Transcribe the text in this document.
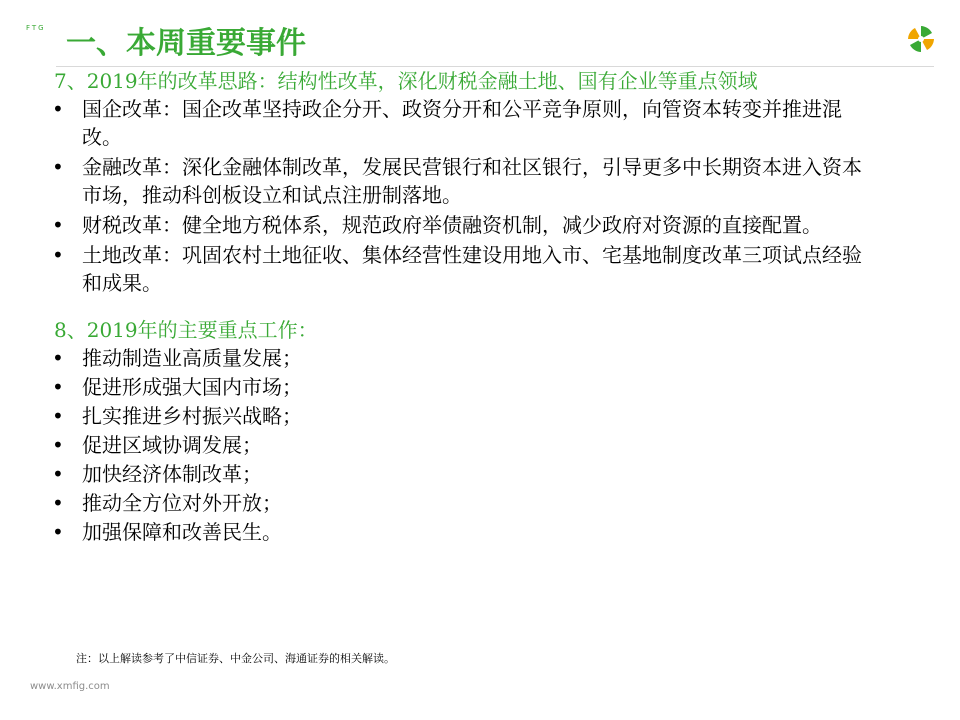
FTG 一、本周重要事件

7、2019年的改革思路：结构性改革，深化财税金融土地、国有企业等重点领域

• 国企改革：国企改革坚持政企分开、政资分开和公平竞争原则，向管资本转变并推进混改。
• 金融改革：深化金融体制改革，发展民营银行和社区银行，引导更多中长期资本进入资本市场，推动科创板设立和试点注册制落地。
• 财税改革：健全地方税体系，规范政府举债融资机制，减少政府对资源的直接配置。
• 土地改革：巩固农村土地征收、集体经营性建设用地入市、宅基地制度改革三项试点经验和成果。

8、2019年的主要重点工作：

• 推动制造业高质量发展；
• 促进形成强大国内市场；
• 扎实推进乡村振兴战略；
• 促进区域协调发展；
• 加快经济体制改革；
• 推动全方位对外开放；
• 加强保障和改善民生。
注：以上解读参考了中信证券、中金公司、海通证券的相关解读。
www.xmfig.com
